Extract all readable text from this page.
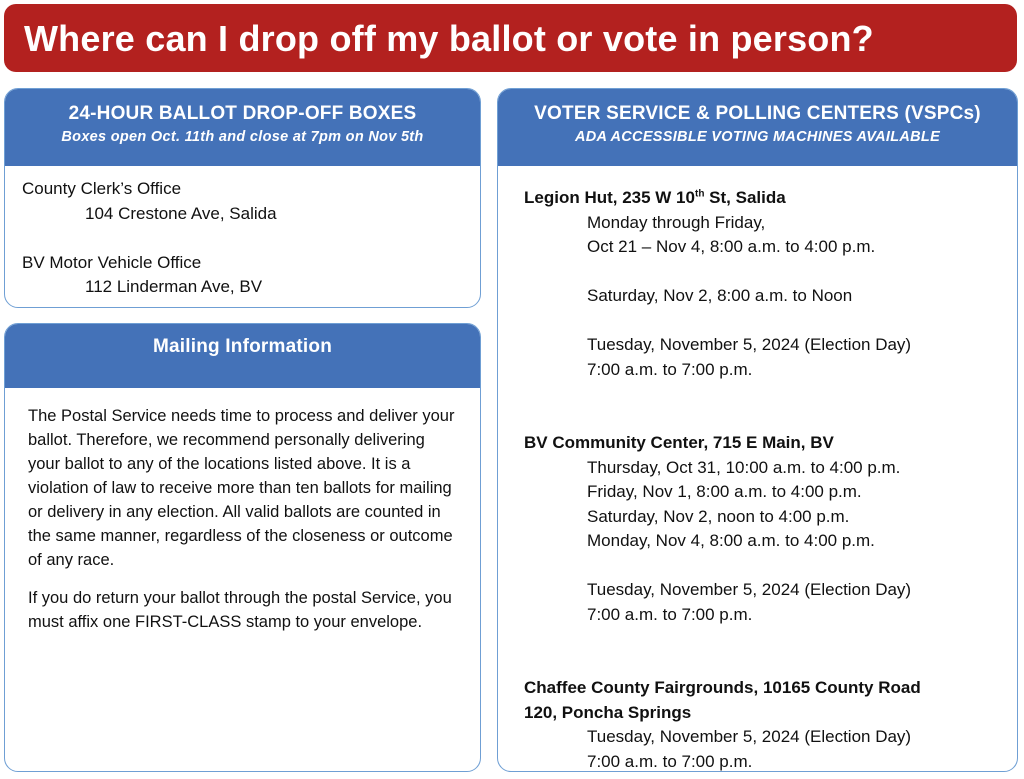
Where can I drop off my ballot or vote in person?
24-HOUR BALLOT DROP-OFF BOXES
Boxes open Oct. 11th and close at 7pm on Nov 5th
County Clerk’s Office
104 Crestone Ave, Salida
BV Motor Vehicle Office
112 Linderman Ave, BV
Mailing Information

The Postal Service needs time to process and deliver your ballot. Therefore, we recommend personally delivering your ballot to any of the locations listed above. It is a violation of law to receive more than ten ballots for mailing or delivery in any election. All valid ballots are counted in the same manner, regardless of the closeness or outcome of any race.

If you do return your ballot through the postal Service, you must affix one FIRST-CLASS stamp to your envelope.

VOTER SERVICE & POLLING CENTERS (VSPCs)
ADA ACCESSIBLE VOTING MACHINES AVAILABLE
Legion Hut, 235 W 10th St, Salida
Monday through Friday,
Oct 21 – Nov 4, 8:00 a.m. to 4:00 p.m.
Saturday, Nov 2, 8:00 a.m. to Noon
Tuesday, November 5, 2024 (Election Day)
7:00 a.m. to 7:00 p.m.
BV Community Center, 715 E Main, BV
Thursday, Oct 31, 10:00 a.m. to 4:00 p.m.
Friday, Nov 1, 8:00 a.m. to 4:00 p.m.
Saturday, Nov 2, noon to 4:00 p.m.
Monday, Nov 4, 8:00 a.m. to 4:00 p.m.
Tuesday, November 5, 2024 (Election Day)
7:00 a.m. to 7:00 p.m.
Chaffee County Fairgrounds, 10165 County Road
120, Poncha Springs
Tuesday, November 5, 2024 (Election Day)
7:00 a.m. to 7:00 p.m.
